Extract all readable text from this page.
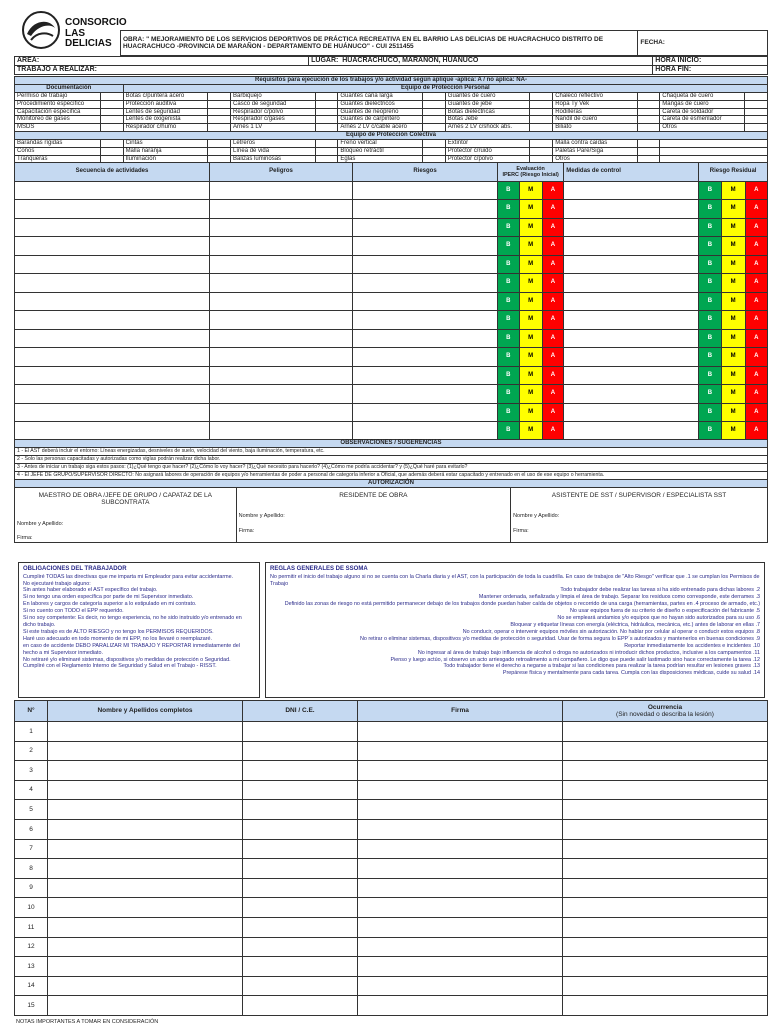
CONSORCIO
LAS DELICIAS	OBRA: " MEJORAMIENTO DE LOS SERVICIOS DEPORTIVOS DE PRÁCTICA RECREATIVA EN EL BARRIO LAS DELICIAS DE HUACRACHUCO DISTRITO DE HUACRACHUCO -PROVINCIA DE MARAÑON - DEPARTAMENTO DE HUÁNUCO" - CUI 2511455	FECHA:
AREA:	LUGAR: HUACRACHUCO, MARAÑON, HUANUCO	HORA INICIO:
TRABAJO A REALIZAR:		HORA FIN:
Requisitos para ejecución de los trabajos y/o actividad según aplique -aplica: A / no aplica: NA-													
Documentación		Equipo de Protección Personal											
Permiso de trabajo		Botas c/puntera acero		Barbiquejo		Guantes caña larga		Guantes de cuero		Chaleco reflectivo		Chaqueta de cuero	
Procedimiento específico		Protección auditiva		Casco de seguridad		Guantes dieléctricos		Guantes de jebe		Ropa Ty Vek		Mangas de cuero	
Capacitación específica		Lentes de seguridad		Respirador c/polvo		Guantes de neopreno		Botas dieléctricas		Rodilleras		Careta de soldador	
Monitoreo de gases		Lentes de oxigenista		Respirador c/gases		Guantes de carpintero		Botas Jebe		Nandil de cuero		Careta de esmerilador	
MSDS		Respirador c/humo		Arnés 1 LV		Arnés 2 LV c/cable acero		Arnés 2 LV c/shock abs.		Biliato		Otros	
Equipo de Protección Colectiva													
Barandas rígidas		Cintas		Letreros		Freno vertical		Extintor		Malla contra caídas			
Conos		Malla naranja		Línea de vida		Bloqueo retráctil		Protector c/ruido		Paletas Pare/Siga			
Tranqueras		Iluminación		Balizas luminosas		Eglas		Protector c/polvo		Otros			
Secuencia de actividades	Peligros	Riesgos	Evaluación
IPERC (Riesgo Inicial)			Medidas de control	Riesgo Residual		
			B	M	A		B	M	A
			B	M	A		B	M	A
			B	M	A		B	M	A
			B	M	A		B	M	A
			B	M	A		B	M	A
			B	M	A		B	M	A
			B	M	A		B	M	A
			B	M	A		B	M	A
			B	M	A		B	M	A
			B	M	A		B	M	A
			B	M	A		B	M	A
			B	M	A		B	M	A
			B	M	A		B	M	A
			B	M	A		B	M	A
OBSERVACIONES / SUGERENCIAS
1 - El AST deberá incluir el entorno: Líneas energizadas, desniveles de suelo, velocidad del viento, baja iluminación, temperatura, etc.
2 - Solo las personas capacitadas y autorizadas como vigías podrán realizar dicha labor.
3 - Antes de iniciar un trabajo siga estos pasos: (1)¿Qué tengo que hacer? (2)¿Cómo lo voy hacer? (3)¿Qué necesito para hacerlo? (4)¿Cómo me podría accidentar? y (5)¿Qué haré para evitarlo?
4 - El JEFE DE GRUPO/SUPERVISOR DIRECTO: No asignará labores de operación de equipos y/o herramientas de poder a personal de categoría inferior a Oficial, que además deberá estar capacitado y entrenado en el uso de ese equipo o herramienta.
AUTORIZACIÓN
MAESTRO DE OBRA /JEFE DE GRUPO / CAPATAZ DE LA SUBCONTRATA
Nombre y Apellido:
Firma:

RESIDENTE DE OBRA
Nombre y Apellido:
Firma:

ASISTENTE DE SST / SUPERVISOR / ESPECIALISTA SST
Nombre y Apellido:
Firma:
OBLIGACIONES DEL TRABAJADOR
Cumpliré TODAS las directivas que me imparta mi Empleador para evitar accidentarme.
No ejecutaré trabajo alguno:
Sin antes haber elaborado el AST específico del trabajo.
Si no tengo una orden específica por parte de mi Supervisor inmediato.
En labores y cargos de categoría superior a lo estipulado en mi contrato.
Si no cuento con TODO el EPP requerido.
Si no soy competente: Es decir, no tengo experiencia, no he sido instruido y/o entrenado en dicho trabajo.
Si este trabajo es de ALTO RIESGO y no tengo los PERMISOS REQUERIDOS.
Haré uso adecuado en todo momento de mi EPP, no los llevaré o reemplazaré.
en caso de accidente DEBO PARALIZAR MI TRABAJO Y REPORTAR inmediatamente del hecho a mi Supervisor inmediato.
No retiraré y/o eliminaré sistemas, dispositivos y/o medidas de protección o Seguridad.
Cumpliré con el Reglamento Interno de Seguridad y Salud en el Trabajo - RISST.
REGLAS GENERALES DE SSOMA
No permitir el inicio del trabajo alguno si no se cuenta con la Charla diaria y el AST, con la participación de toda la cuadrilla. En caso de trabajos de "Alto Riesgo" verificar que .1 se cumplan los Permisos de Trabajo
Todo trabajador debe realizar las tareas si ha sido entrenado para dichas labores .2
Mantener ordenada, señalizada y limpia el área de trabajo. Separar los residuos como corresponde, este derrames .3
Definido las zonas de riesgo no está permitido permanecer debajo de los trabajos donde puedan haber caída de objetos o recorrido de una carga (herramientas, partes en .4 proceso de armado, etc.)
No usar equipos fuera de su criterio de diseño o especificación del fabricante .5
No se empleará andamios y/o equipos que no hayan sido autorizados para su uso .6
Bloquear y etiquetar líneas con energía (eléctrica, hidráulica, mecánica, etc.) antes de laborar en ellas .7
No conducir, operar o intervenir equipos móviles sin autorización. No hablar por celular al operar o conducir estos equipos .8
No retirar o eliminar sistemas, dispositivos y/o medidas de protección o seguridad. Usar de forma segura lo EPP´s autorizados y mantenerlos en buenas condiciones .9
Reportar inmediatamente los accidentes e incidentes .10
No ingresar al área de trabajo bajo influencia de alcohol o droga no autorizados ni introducir dichos productos, inclusive a los campamentos .11
Pienso y luego actúo, si observo un acto arriesgado retroalimento a mi compañero. Le digo que puede salir lastimado sino hace correctamente la tarea .12
Todo trabajador tiene el derecho a negarse a trabajar si las condiciones para realizar la tarea podrían resultar en lesiones graves .13
Prepárese física y mentalmente para cada tarea. Cumpla con las disposiciones médicas, cuide su salud .14
N°	Nombre y Apellidos completos	DNI / C.E.	Firma	Ocurrencia
(Sin novedad o describa la lesión)

1				
2				
3				
4				
5				
6				
7				
8				
9				
10				
11				
12				
13				
14				
15				
NOTAS IMPORTANTES A TOMAR EN CONSIDERACIÓN
